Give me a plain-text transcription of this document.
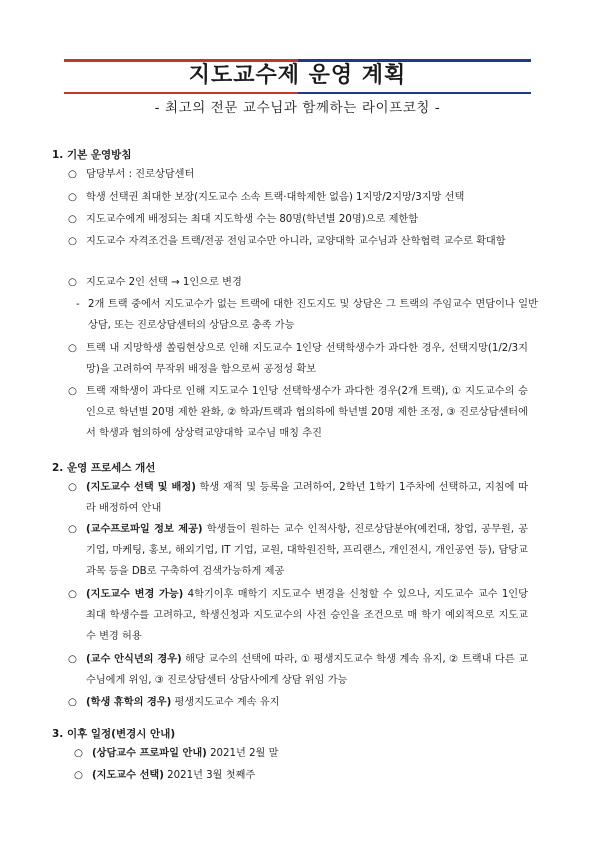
지도교수제 운영 계획
- 최고의 전문 교수님과 함께하는 라이프코칭 -
1. 기본 운영방침
○ 담당부서 : 진로상담센터
○ 학생 선택권 최대한 보장(지도교수 소속 트랙·대학제한 없음) 1지망/2지망/3지망 선택
○ 지도교수에게 배정되는 최대 지도학생 수는 80명(학년별 20명)으로 제한함
○ 지도교수 자격조건을 트랙/전공 전임교수만 아니라, 교양대학 교수님과 산학협력 교수로 확대함
○ 지도교수 2인 선택 → 1인으로 변경
- 2개 트랙 중에서 지도교수가 없는 트랙에 대한 진도지도 및 상담은 그 트랙의 주임교수 면담이나 일반상담, 또는 진로상담센터의 상담으로 충족 가능
○ 트랙 내 지망학생 쏠림현상으로 인해 지도교수 1인당 선택학생수가 과다한 경우, 선택지망(1/2/3지망)을 고려하여 무작위 배정을 함으로써 공정성 확보
○ 트랙 재학생이 과다로 인해 지도교수 1인당 선택학생수가 과다한 경우(2개 트랙), ① 지도교수의 승인으로 학년별 20명 제한 완화, ② 학과/트랙과 협의하에 학년별 20명 제한 조정, ③ 진로상담센터에서 학생과 협의하에 상상력교양대학 교수님 매칭 추진
2. 운영 프로세스 개선
○ (지도교수 선택 및 배정) 학생 재적 및 등록을 고려하여, 2학년 1학기 1주차에 선택하고, 지침에 따라 배정하여 안내
○ (교수프로파일 정보 제공) 학생들이 원하는 교수 인적사항, 진로상담분야(예컨대, 창업, 공무원, 공기업, 마케팅, 홍보, 해외기업, IT 기업, 교원, 대학원진학, 프리랜스, 개인전시, 개인공연 등), 담당교과목 등을 DB로 구축하여 검색가능하게 제공
○ (지도교수 변경 가능) 4학기이후 매학기 지도교수 변경을 신청할 수 있으나, 지도교수 교수 1인당 최대 학생수를 고려하고, 학생신청과 지도교수의 사전 승인을 조건으로 매 학기 예외적으로 지도교수 변경 허용
○ (교수 안식년의 경우) 해당 교수의 선택에 따라, ① 평생지도교수 학생 계속 유지, ② 트랙내 다른 교수님에게 위임, ③ 진로상담센터 상담사에게 상담 위임 가능
○ (학생 휴학의 경우) 평생지도교수 계속 유지
3. 이후 일정(변경시 안내)
○ (상담교수 프로파일 안내) 2021년 2월 말
○ (지도교수 선택) 2021년 3월 첫째주
